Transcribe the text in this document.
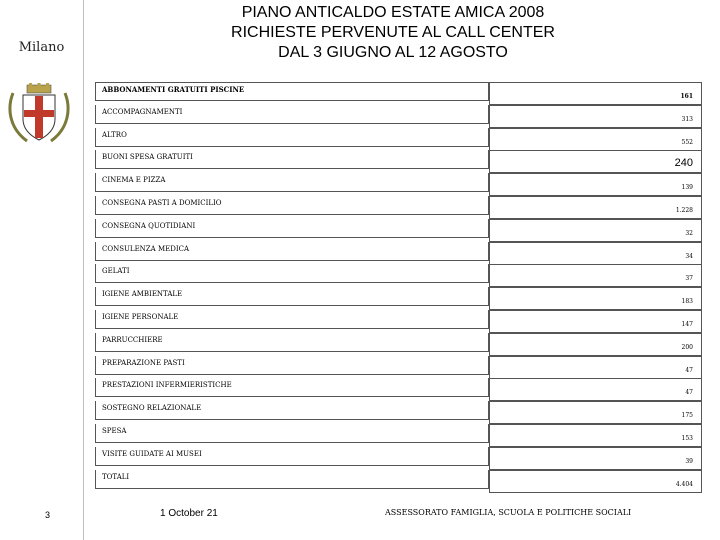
Milano
3
PIANO ANTICALDO ESTATE AMICA 2008
RICHIESTE PERVENUTE AL CALL CENTER
DAL 3 GIUGNO AL 12 AGOSTO
ABBONAMENTI GRATUITI PISCINE
161
ACCOMPAGNAMENTI
313
ALTRO
552
BUONI SPESA GRATUITI	240
CINEMA E PIZZA
139
CONSEGNA PASTI A DOMICILIO
1.228
CONSEGNA QUOTIDIANI
32
CONSULENZA MEDICA
34
GELATI
37
IGIENE AMBIENTALE
183
IGIENE PERSONALE
147
PARRUCCHIERE
200
PREPARAZIONE PASTI
47
PRESTAZIONI INFERMIERISTICHE
47
SOSTEGNO RELAZIONALE
175
SPESA
153
VISITE GUIDATE AI MUSEI
39
TOTALI
4.404
1 October 21	ASSESSORATO FAMIGLIA, SCUOLA E POLITICHE SOCIALI
